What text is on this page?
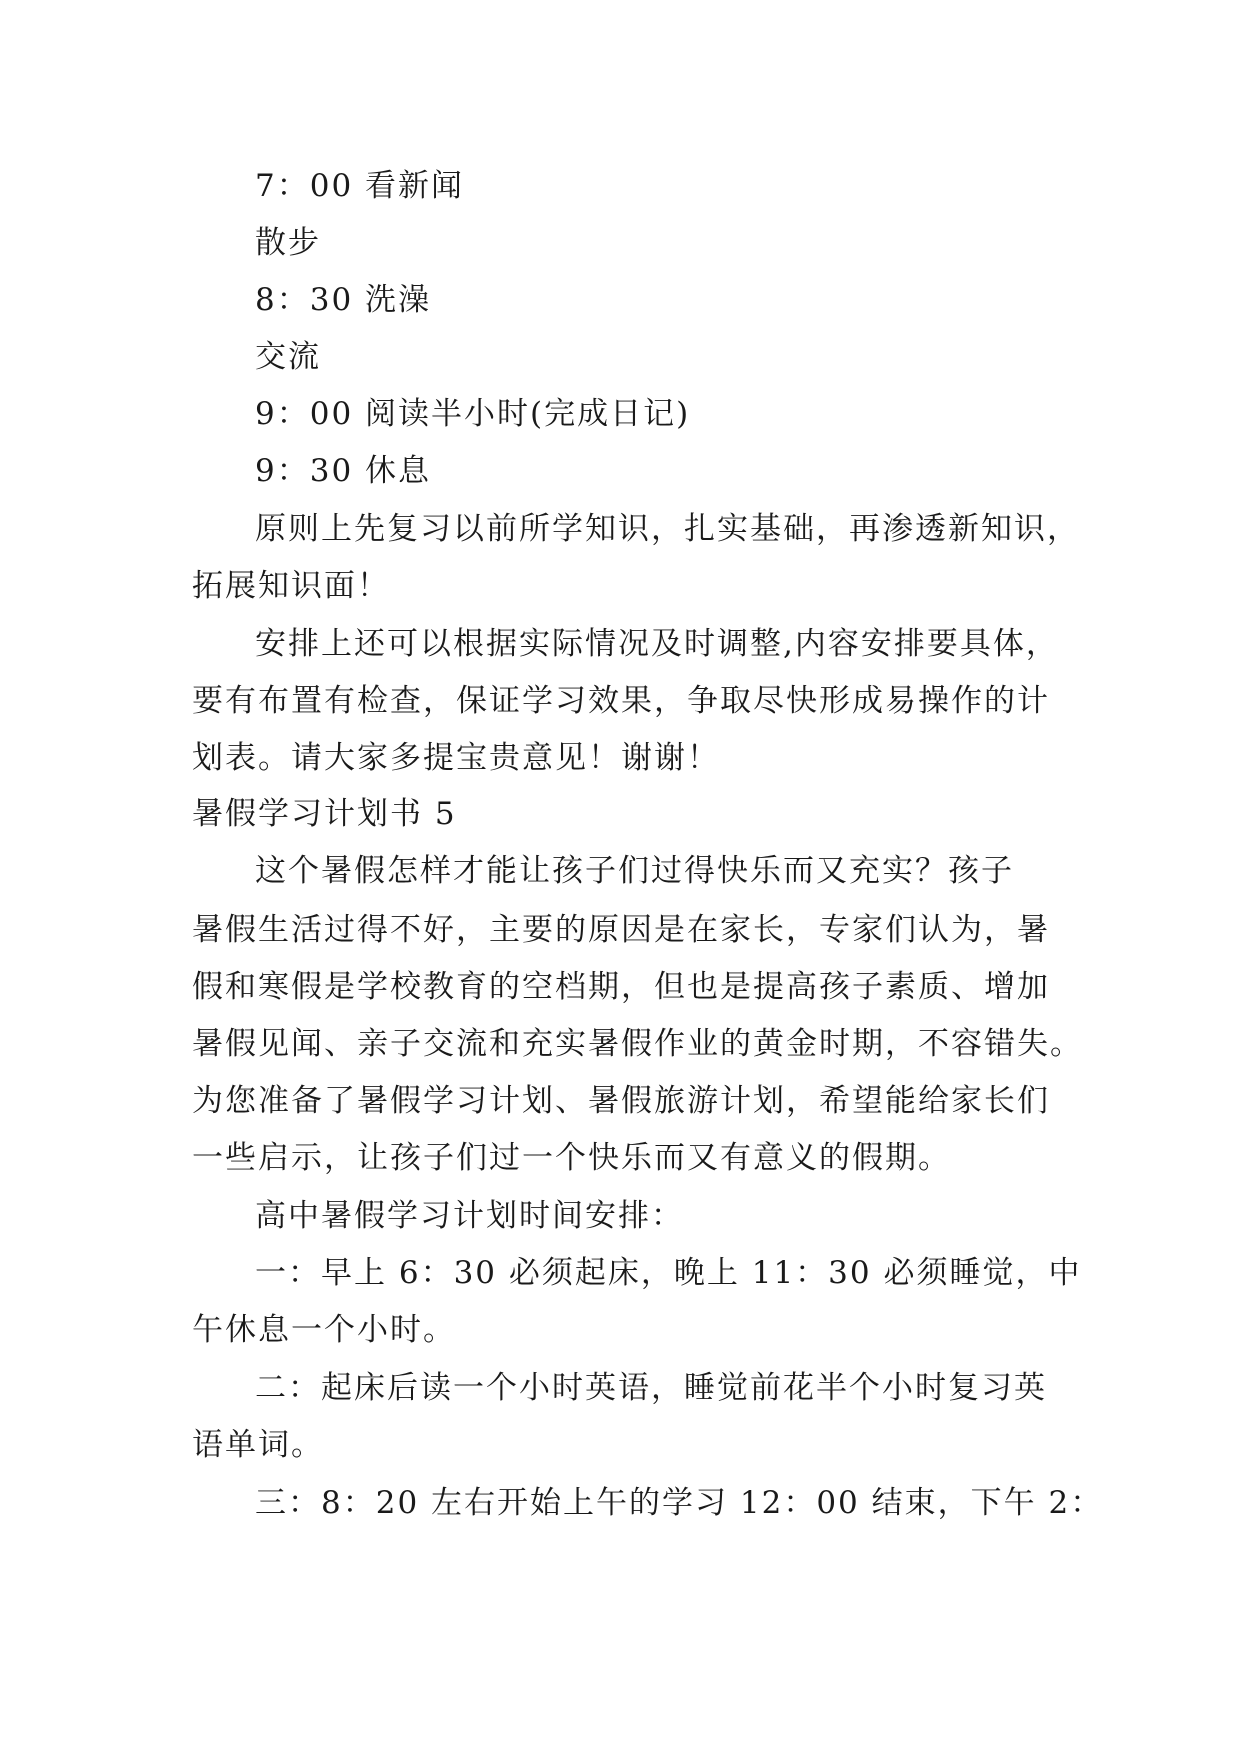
7：00 看新闻
散步
8：30 洗澡
交流
9：00 阅读半小时(完成日记)
9：30 休息
原则上先复习以前所学知识，扎实基础，再渗透新知识，
拓展知识面！
安排上还可以根据实际情况及时调整,内容安排要具体，
要有布置有检查，保证学习效果，争取尽快形成易操作的计
划表。请大家多提宝贵意见！谢谢！
暑假学习计划书 5
这个暑假怎样才能让孩子们过得快乐而又充实？孩子
暑假生活过得不好，主要的原因是在家长，专家们认为，暑
假和寒假是学校教育的空档期，但也是提高孩子素质、增加
暑假见闻、亲子交流和充实暑假作业的黄金时期，不容错失。
为您准备了暑假学习计划、暑假旅游计划，希望能给家长们
一些启示，让孩子们过一个快乐而又有意义的假期。
高中暑假学习计划时间安排：
一：早上 6：30 必须起床，晚上 11：30 必须睡觉，中
午休息一个小时。
二：起床后读一个小时英语，睡觉前花半个小时复习英
语单词。
三：8：20 左右开始上午的学习 12：00 结束，下午 2：
